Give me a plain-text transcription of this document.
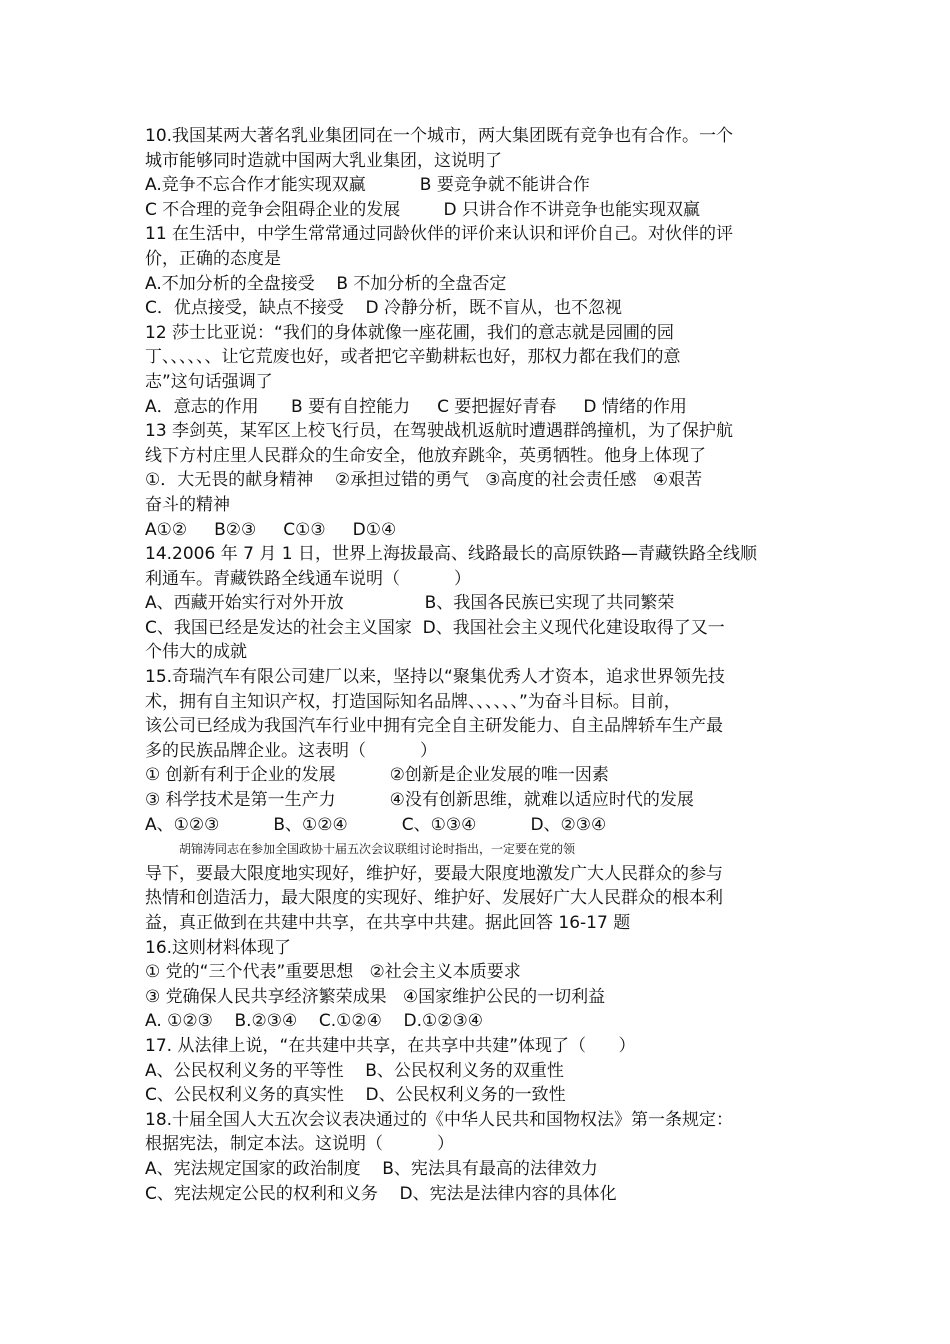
10.我国某两大著名乳业集团同在一个城市，两大集团既有竞争也有合作。一个
城市能够同时造就中国两大乳业集团，这说明了
A.竞争不忘合作才能实现双赢          B 要竞争就不能讲合作
C 不合理的竞争会阻碍企业的发展        D 只讲合作不讲竞争也能实现双赢
11 在生活中，中学生常常通过同龄伙伴的评价来认识和评价自己。对伙伴的评
价，正确的态度是
A.不加分析的全盘接受    B 不加分析的全盘否定
C．优点接受，缺点不接受    D 冷静分析，既不盲从，也不忽视
12 莎士比亚说：“我们的身体就像一座花圃，我们的意志就是园圃的园
丁、、、、、、让它荒废也好，或者把它辛勤耕耘也好，那权力都在我们的意
志”这句话强调了
A．意志的作用      B 要有自控能力     C 要把握好青春     D 情绪的作用
13 李剑英，某军区上校飞行员，在驾驶战机返航时遭遇群鸽撞机，为了保护航
线下方村庄里人民群众的生命安全，他放弃跳伞，英勇牺牲。他身上体现了
①．大无畏的献身精神    ②承担过错的勇气   ③高度的社会责任感   ④艰苦
奋斗的精神
A①②     B②③     C①③     D①④
14.2006 年 7 月 1 日，世界上海拔最高、线路最长的高原铁路—青藏铁路全线顺
利通车。青藏铁路全线通车说明（          ）
A、西藏开始实行对外开放               B、我国各民族已实现了共同繁荣
C、我国已经是发达的社会主义国家  D、我国社会主义现代化建设取得了又一
个伟大的成就
15.奇瑞汽车有限公司建厂以来，坚持以“聚集优秀人才资本，追求世界领先技
术，拥有自主知识产权，打造国际知名品牌、、、、、、”为奋斗目标。目前，
该公司已经成为我国汽车行业中拥有完全自主研发能力、自主品牌轿车生产最
多的民族品牌企业。这表明（          ）
① 创新有利于企业的发展          ②创新是企业发展的唯一因素
③ 科学技术是第一生产力          ④没有创新思维，就难以适应时代的发展
A、①②③          B、①②④          C、①③④          D、②③④
胡锦涛同志在参加全国政协十届五次会议联组讨论时指出，一定要在党的领
导下，要最大限度地实现好，维护好，要最大限度地激发广大人民群众的参与
热情和创造活力，最大限度的实现好、维护好、发展好广大人民群众的根本利
益，真正做到在共建中共享，在共享中共建。据此回答 16-17 题
16.这则材料体现了
① 党的“三个代表”重要思想   ②社会主义本质要求
③ 党确保人民共享经济繁荣成果   ④国家维护公民的一切利益
A. ①②③    B.②③④    C.①②④    D.①②③④
17. 从法律上说，“在共建中共享，在共享中共建”体现了（      ）
A、公民权利义务的平等性    B、公民权利义务的双重性
C、公民权利义务的真实性    D、公民权利义务的一致性
18.十届全国人大五次会议表决通过的《中华人民共和国物权法》第一条规定：
根据宪法，制定本法。这说明（          ）
A、宪法规定国家的政治制度    B、宪法具有最高的法律效力
C、宪法规定公民的权利和义务    D、宪法是法律内容的具体化
